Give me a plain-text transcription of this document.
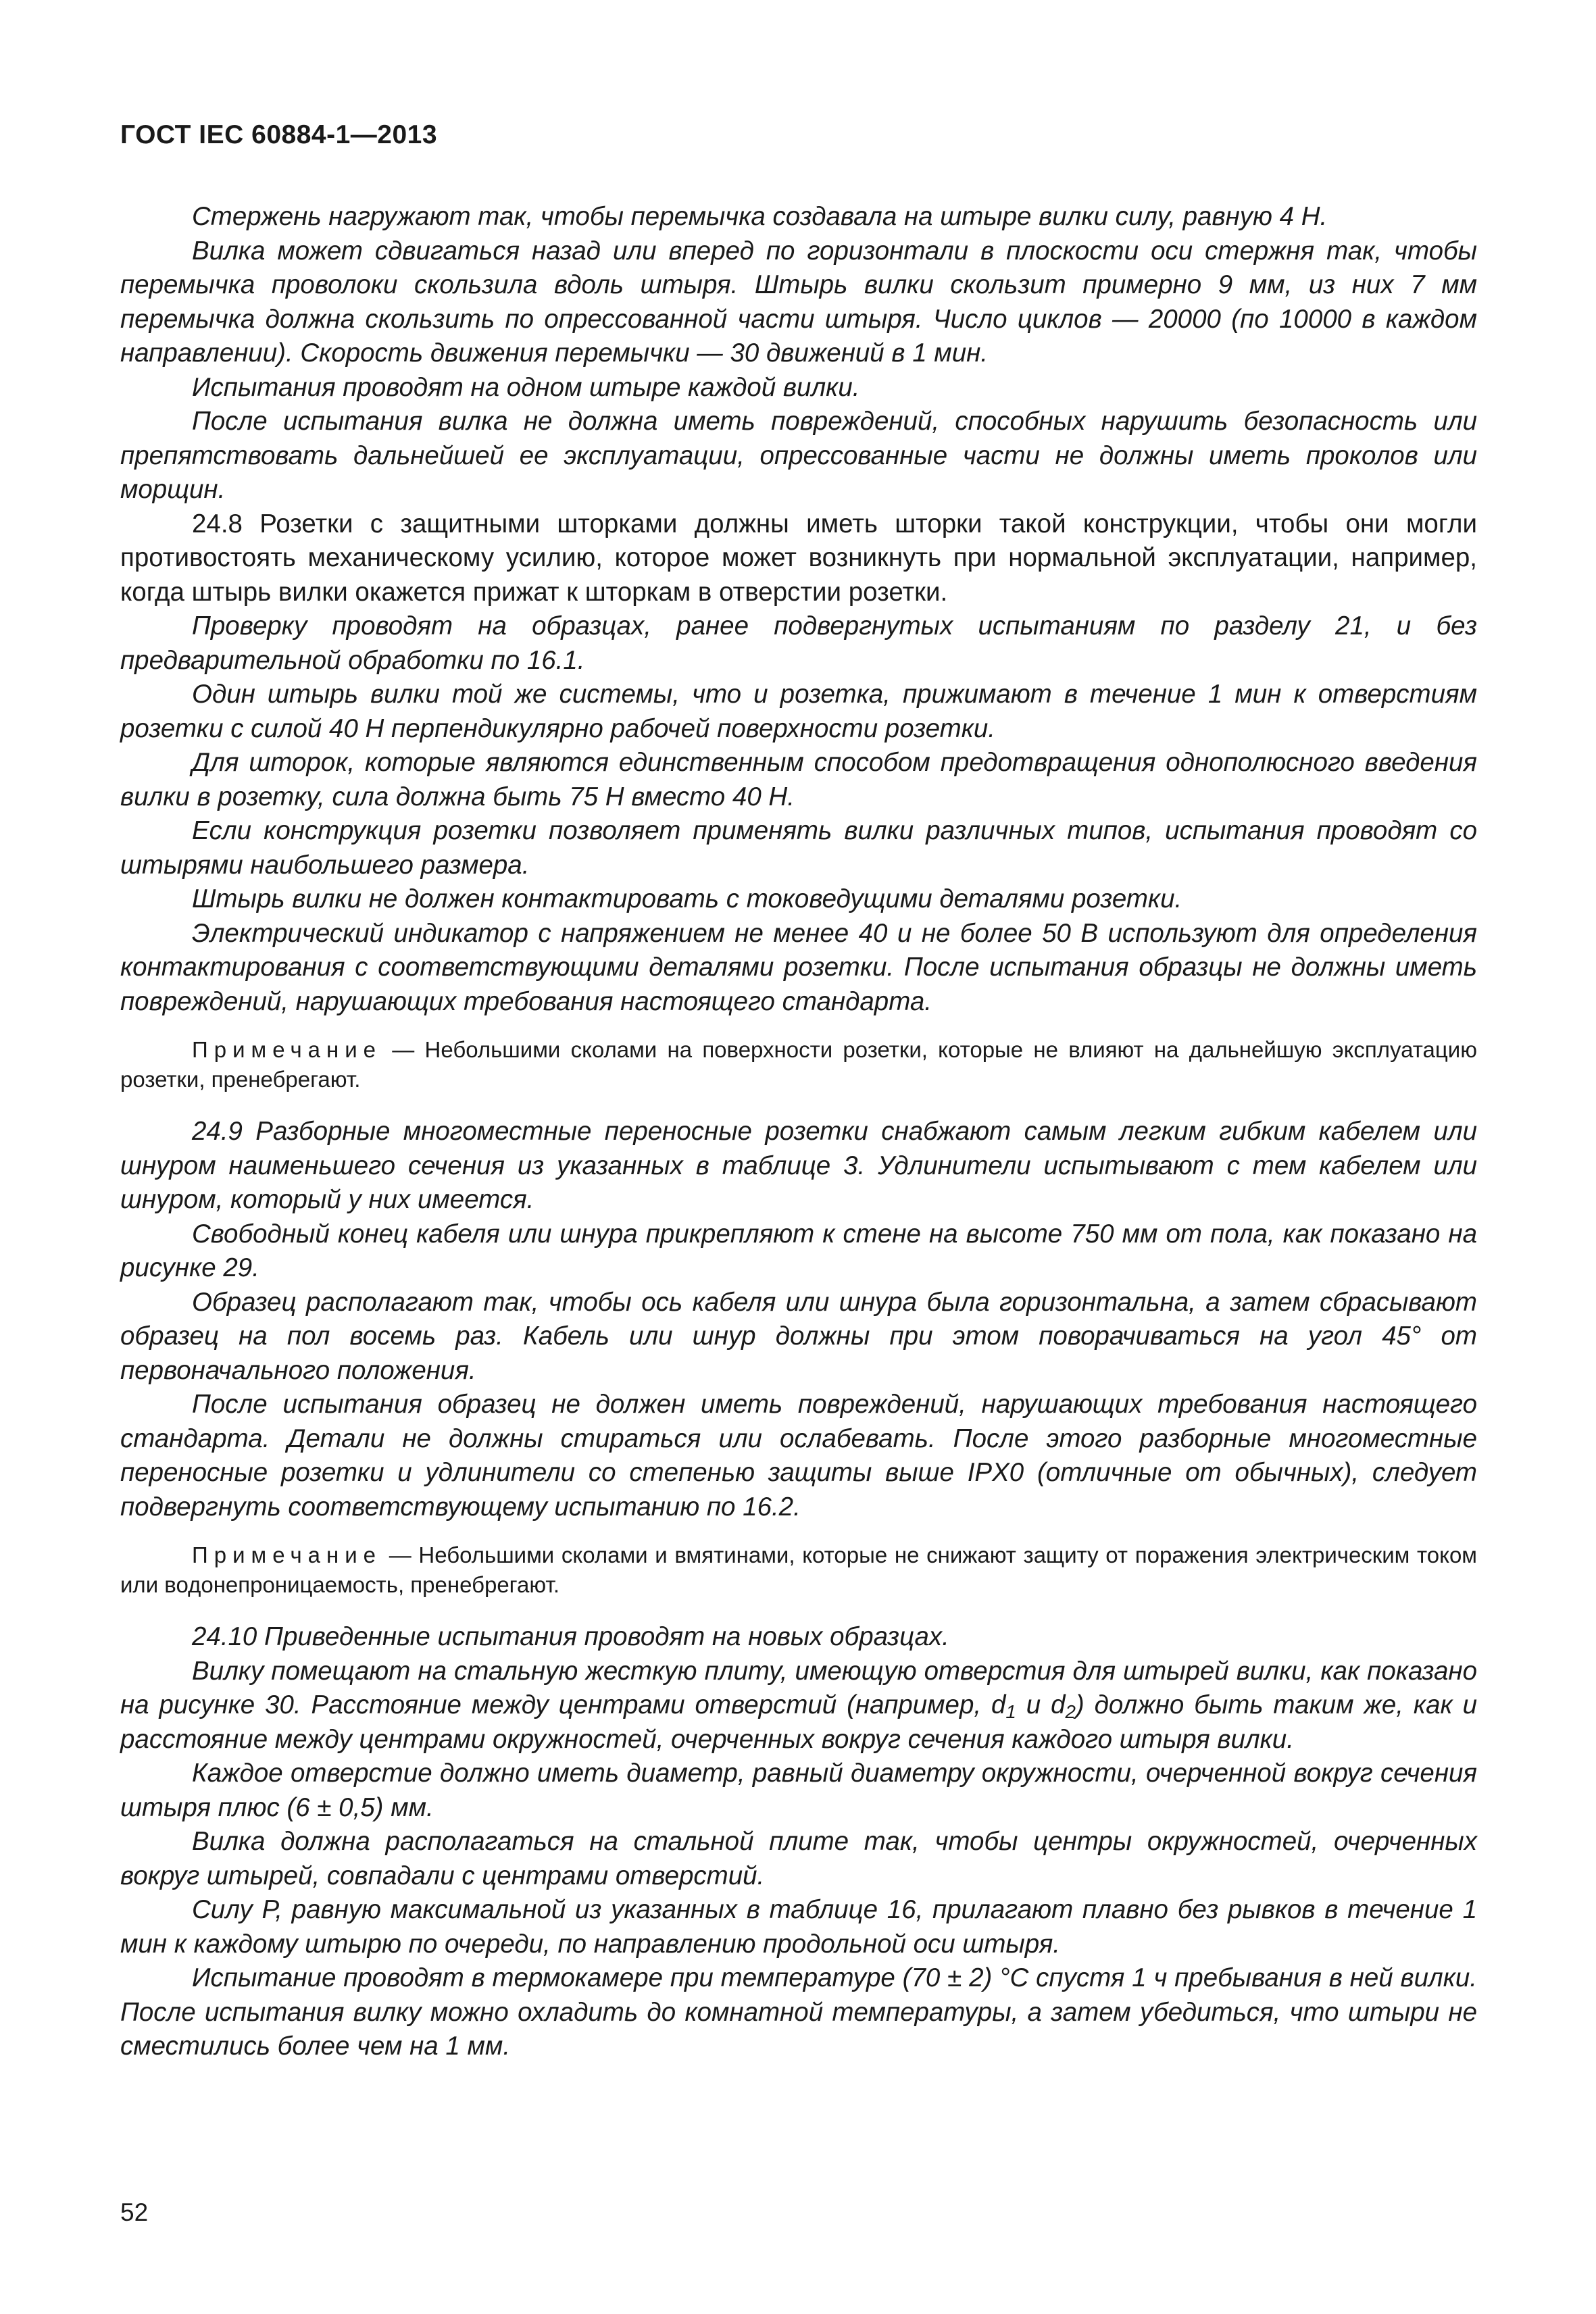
ГОСТ IEC 60884-1—2013

Стержень нагружают так, чтобы перемычка создавала на штыре вилки силу, равную 4 Н.

Вилка может сдвигаться назад или вперед по горизонтали в плоскости оси стержня так, чтобы перемычка проволоки скользила вдоль штыря. Штырь вилки скользит примерно 9 мм, из них 7 мм перемычка должна скользить по опрессованной части штыря. Число циклов — 20000 (по 10000 в каждом направлении). Скорость движения перемычки — 30 движений в 1 мин.

Испытания проводят на одном штыре каждой вилки.

После испытания вилка не должна иметь повреждений, способных нарушить безопасность или препятствовать дальнейшей ее эксплуатации, опрессованные части не должны иметь проколов или морщин.

24.8 Розетки с защитными шторками должны иметь шторки такой конструкции, чтобы они могли противостоять механическому усилию, которое может возникнуть при нормальной эксплуатации, например, когда штырь вилки окажется прижат к шторкам в отверстии розетки.

Проверку проводят на образцах, ранее подвергнутых испытаниям по разделу 21, и без предварительной обработки по 16.1.

Один штырь вилки той же системы, что и розетка, прижимают в течение 1 мин к отверстиям розетки с силой 40 Н перпендикулярно рабочей поверхности розетки.

Для шторок, которые являются единственным способом предотвращения однополюсного введения вилки в розетку, сила должна быть 75 Н вместо 40 Н.

Если конструкция розетки позволяет применять вилки различных типов, испытания проводят со штырями наибольшего размера.

Штырь вилки не должен контактировать с токоведущими деталями розетки.

Электрический индикатор с напряжением не менее 40 и не более 50 В используют для определения контактирования с соответствующими деталями розетки. После испытания образцы не должны иметь повреждений, нарушающих требования настоящего стандарта.

Примечание — Небольшими сколами на поверхности розетки, которые не влияют на дальнейшую эксплуатацию розетки, пренебрегают.

24.9 Разборные многоместные переносные розетки снабжают самым легким гибким кабелем или шнуром наименьшего сечения из указанных в таблице 3. Удлинители испытывают с тем кабелем или шнуром, который у них имеется.

Свободный конец кабеля или шнура прикрепляют к стене на высоте 750 мм от пола, как показано на рисунке 29.

Образец располагают так, чтобы ось кабеля или шнура была горизонтальна, а затем сбрасывают образец на пол восемь раз. Кабель или шнур должны при этом поворачиваться на угол 45° от первоначального положения.

После испытания образец не должен иметь повреждений, нарушающих требования настоящего стандарта. Детали не должны стираться или ослабевать. После этого разборные многоместные переносные розетки и удлинители со степенью защиты выше IPX0 (отличные от обычных), следует подвергнуть соответствующему испытанию по 16.2.

Примечание — Небольшими сколами и вмятинами, которые не снижают защиту от поражения электрическим током или водонепроницаемость, пренебрегают.

24.10 Приведенные испытания проводят на новых образцах.

Вилку помещают на стальную жесткую плиту, имеющую отверстия для штырей вилки, как показано на рисунке 30. Расстояние между центрами отверстий (например, $d_1$ и $d_2$) должно быть таким же, как и расстояние между центрами окружностей, очерченных вокруг сечения каждого штыря вилки.

Каждое отверстие должно иметь диаметр, равный диаметру окружности, очерченной вокруг сечения штыря плюс (6 ± 0,5) мм.

Вилка должна располагаться на стальной плите так, чтобы центры окружностей, очерченных вокруг штырей, совпадали с центрами отверстий.

Силу Р, равную максимальной из указанных в таблице 16, прилагают плавно без рывков в течение 1 мин к каждому штырю по очереди, по направлению продольной оси штыря.

Испытание проводят в термокамере при температуре (70 ± 2) °С спустя 1 ч пребывания в ней вилки. После испытания вилку можно охладить до комнатной температуры, а затем убедиться, что штыри не сместились более чем на 1 мм.

52
